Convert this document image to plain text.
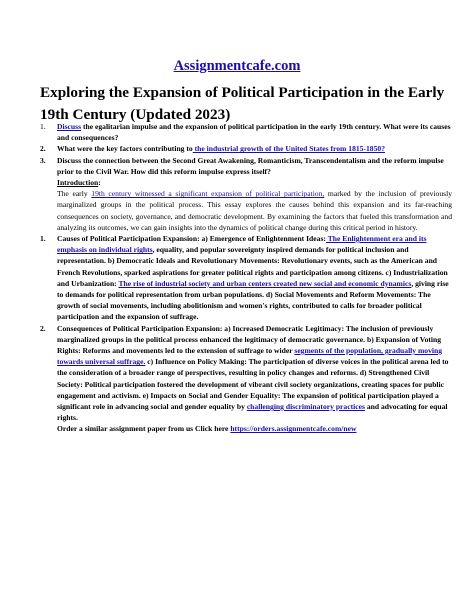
Assignmentcafe.com
Exploring the Expansion of Political Participation in the Early 19th Century (Updated 2023)
1. Discuss the egalitarian impulse and the expansion of political participation in the early 19th century. What were its causes and consequences?
2. What were the key factors contributing to the industrial growth of the United States from 1815-1850?
3. Discuss the connection between the Second Great Awakening, Romanticism, Transcendentalism and the reform impulse prior to the Civil War. How did this reform impulse express itself?
Introduction:
The early 19th century witnessed a significant expansion of political participation, marked by the inclusion of previously marginalized groups in the political process. This essay explores the causes behind this expansion and its far-reaching consequences on society, governance, and democratic development. By examining the factors that fueled this transformation and analyzing its outcomes, we can gain insights into the dynamics of political change during this critical period in history.
1. Causes of Political Participation Expansion: a) Emergence of Enlightenment Ideas: The Enlightenment era and its emphasis on individual rights, equality, and popular sovereignty inspired demands for political inclusion and representation. b) Democratic Ideals and Revolutionary Movements: Revolutionary events, such as the American and French Revolutions, sparked aspirations for greater political rights and participation among citizens. c) Industrialization and Urbanization: The rise of industrial society and urban centers created new social and economic dynamics, giving rise to demands for political representation from urban populations. d) Social Movements and Reform Movements: The growth of social movements, including abolitionism and women's rights, contributed to calls for broader political participation and the expansion of suffrage.
2. Consequences of Political Participation Expansion: a) Increased Democratic Legitimacy: The inclusion of previously marginalized groups in the political process enhanced the legitimacy of democratic governance. b) Expansion of Voting Rights: Reforms and movements led to the extension of suffrage to wider segments of the population, gradually moving towards universal suffrage. c) Influence on Policy Making: The participation of diverse voices in the political arena led to the consideration of a broader range of perspectives, resulting in policy changes and reforms. d) Strengthened Civil Society: Political participation fostered the development of vibrant civil society organizations, creating spaces for public engagement and activism. e) Impacts on Social and Gender Equality: The expansion of political participation played a significant role in advancing social and gender equality by challenging discriminatory practices and advocating for equal rights.
Order a similar assignment paper from us Click here https://orders.assignmentcafe.com/new
